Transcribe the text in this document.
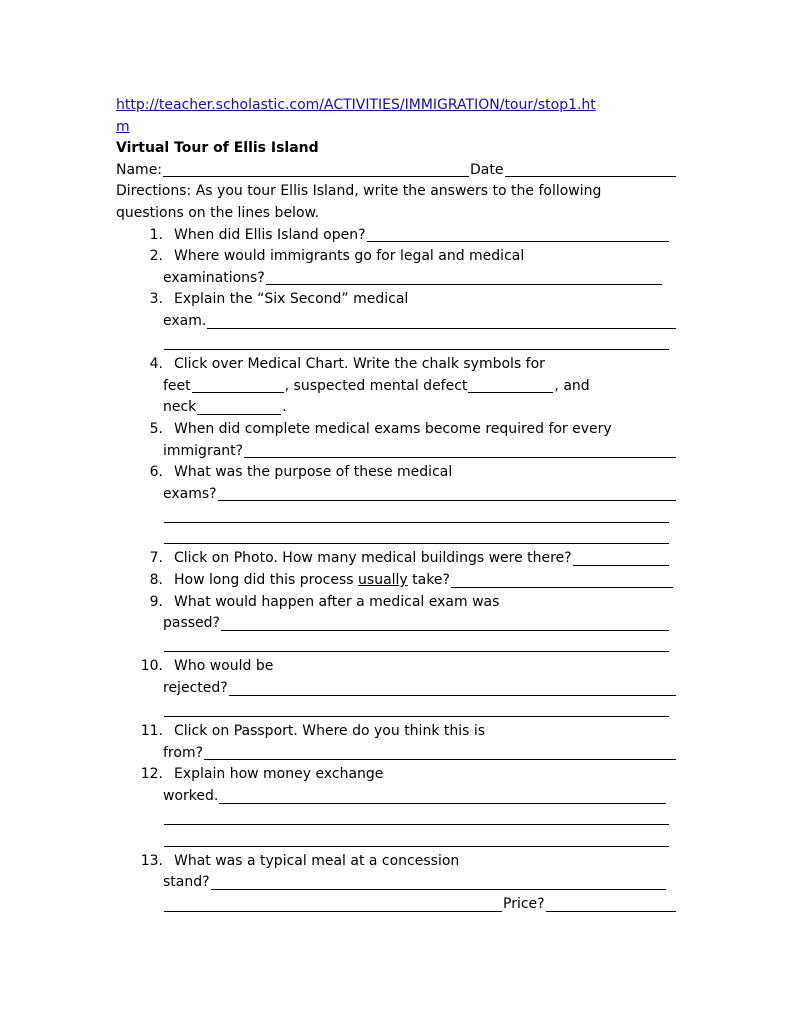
http://teacher.scholastic.com/ACTIVITIES/IMMIGRATION/tour/stop1.ht
m
Virtual Tour of Ellis Island
Name:	Date
Directions: As you tour Ellis Island, write the answers to the following
questions on the lines below.
1. When did Ellis Island open?
2. Where would immigrants go for legal and medical
examinations?
3. Explain the “Six Second” medical
exam.
4. Click over Medical Chart. Write the chalk symbols for
feet	, suspected mental defect	, and
neck	.
5. When did complete medical exams become required for every
immigrant?
6. What was the purpose of these medical
exams?
7. Click on Photo. How many medical buildings were there?
8. How long did this process
usually
take?
9. What would happen after a medical exam was
passed?
10. Who would be
rejected?
11. Click on Passport. Where do you think this is
from?
12. Explain how money exchange
worked.
13. What was a typical meal at a concession
stand?
Price?
